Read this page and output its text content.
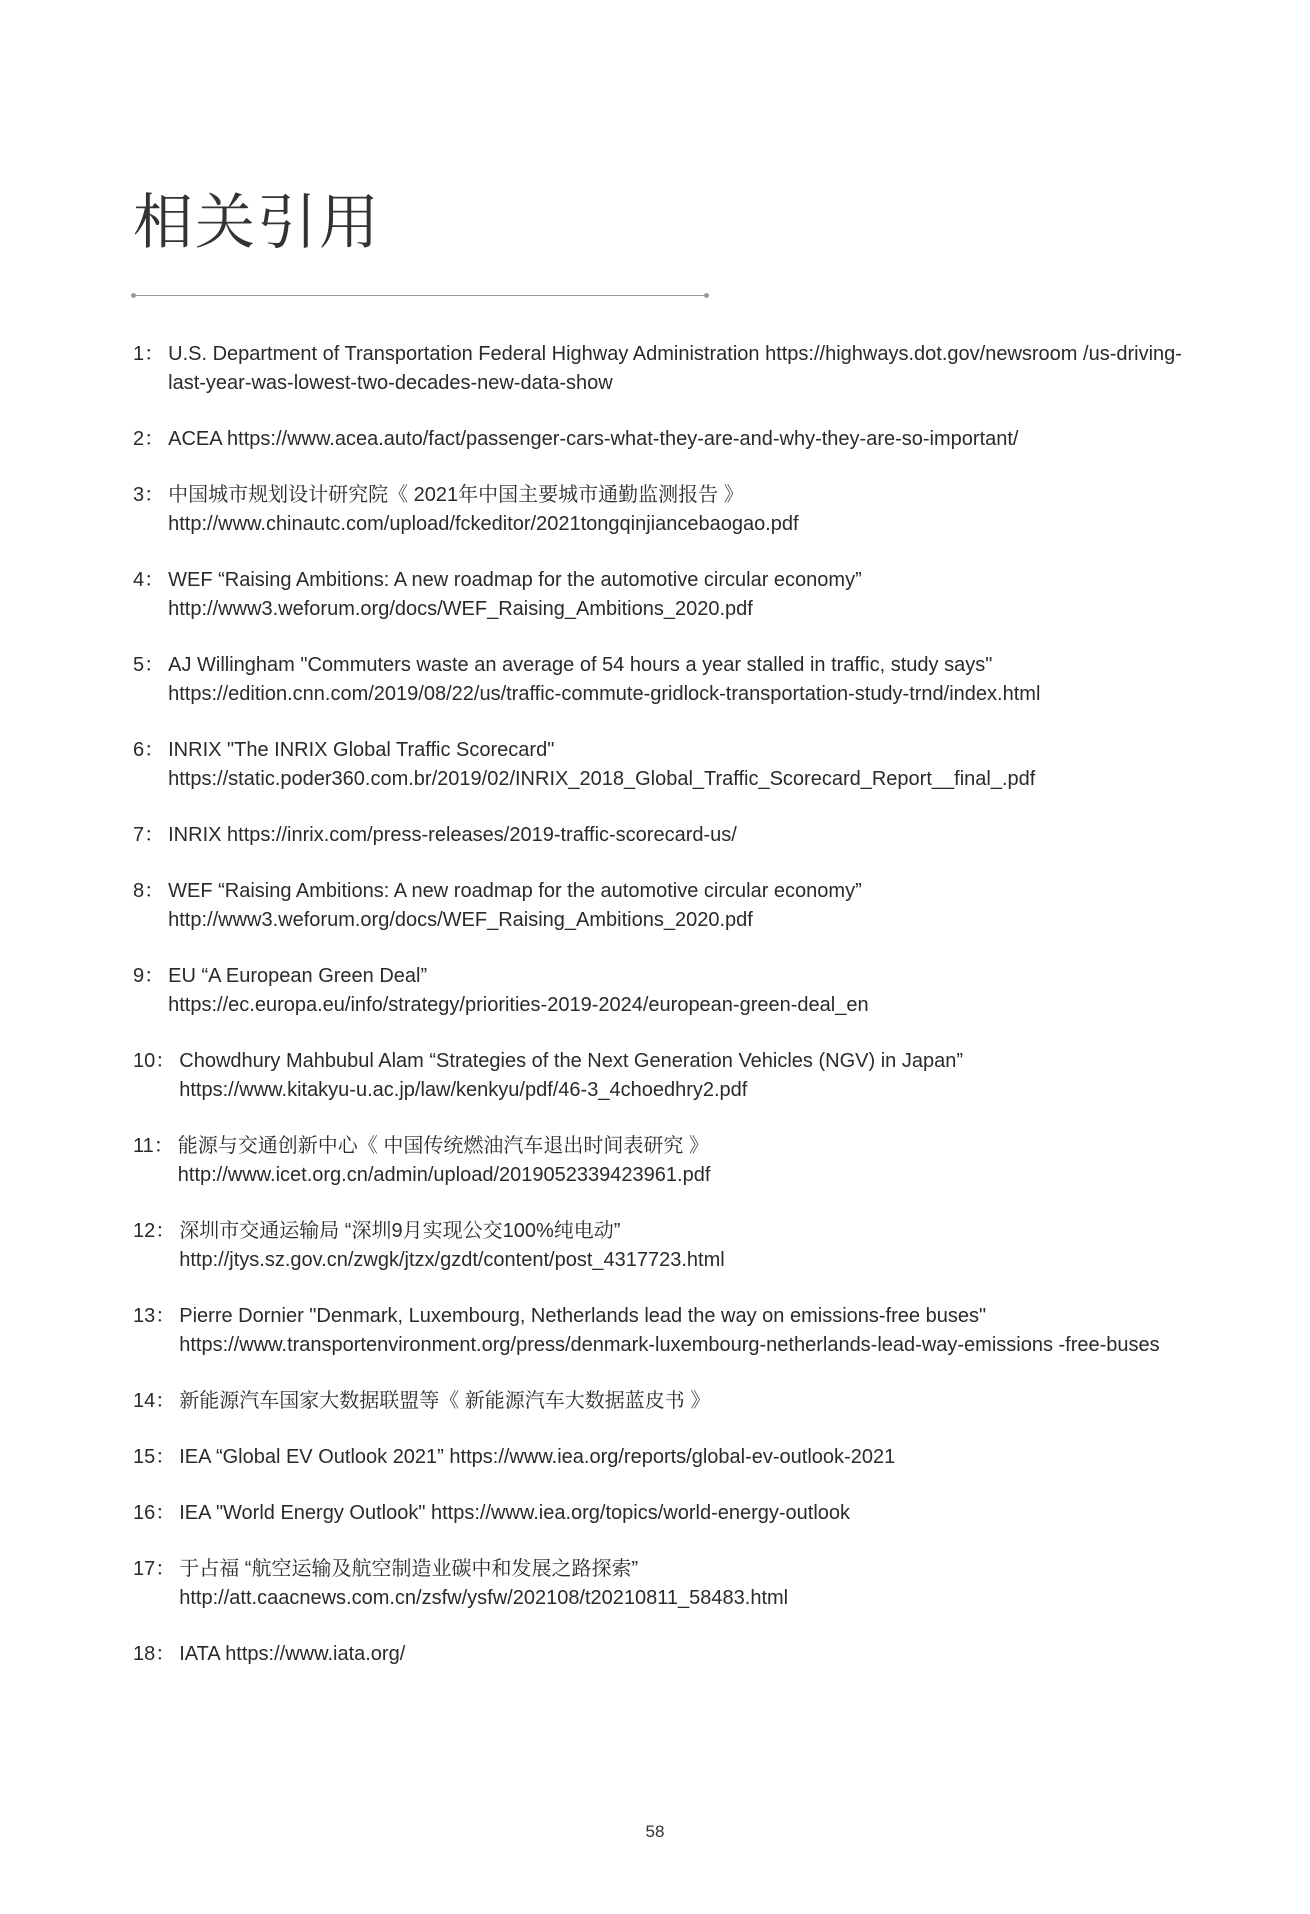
相关引用
1： U.S. Department of Transportation Federal Highway Administration https://highways.dot.gov/newsroom /us-driving-last-year-was-lowest-two-decades-new-data-show
2： ACEA https://www.acea.auto/fact/passenger-cars-what-they-are-and-why-they-are-so-important/
3： 中国城市规划设计研究院《 2021年中国主要城市通勤监测报告 》
http://www.chinautc.com/upload/fckeditor/2021tongqinjiancebaogao.pdf
4： WEF “Raising Ambitions: A new roadmap for the automotive circular economy”
http://www3.weforum.org/docs/WEF_Raising_Ambitions_2020.pdf
5： AJ Willingham "Commuters waste an average of 54 hours a year stalled in traffic, study says"
https://edition.cnn.com/2019/08/22/us/traffic-commute-gridlock-transportation-study-trnd/index.html
6： INRIX "The INRIX Global Traffic Scorecard"
https://static.poder360.com.br/2019/02/INRIX_2018_Global_Traffic_Scorecard_Report__final_.pdf
7： INRIX https://inrix.com/press-releases/2019-traffic-scorecard-us/
8： WEF “Raising Ambitions: A new roadmap for the automotive circular economy”
http://www3.weforum.org/docs/WEF_Raising_Ambitions_2020.pdf
9： EU “A European Green Deal”
https://ec.europa.eu/info/strategy/priorities-2019-2024/european-green-deal_en
10： Chowdhury Mahbubul Alam “Strategies of the Next Generation Vehicles (NGV) in Japan”
https://www.kitakyu-u.ac.jp/law/kenkyu/pdf/46-3_4choedhry2.pdf
11： 能源与交通创新中心《 中国传统燃油汽车退出时间表研究 》
http://www.icet.org.cn/admin/upload/2019052339423961.pdf
12： 深圳市交通运输局 “深圳9月实现公交100%纯电动”
http://jtys.sz.gov.cn/zwgk/jtzx/gzdt/content/post_4317723.html
13： Pierre Dornier "Denmark, Luxembourg, Netherlands lead the way on emissions-free buses"
https://www.transportenvironment.org/press/denmark-luxembourg-netherlands-lead-way-emissions -free-buses
14： 新能源汽车国家大数据联盟等《 新能源汽车大数据蓝皮书 》
15： IEA “Global EV Outlook 2021” https://www.iea.org/reports/global-ev-outlook-2021
16： IEA "World Energy Outlook" https://www.iea.org/topics/world-energy-outlook
17： 于占福 “航空运输及航空制造业碳中和发展之路探索”
http://att.caacnews.com.cn/zsfw/ysfw/202108/t20210811_58483.html
18： IATA https://www.iata.org/
58
